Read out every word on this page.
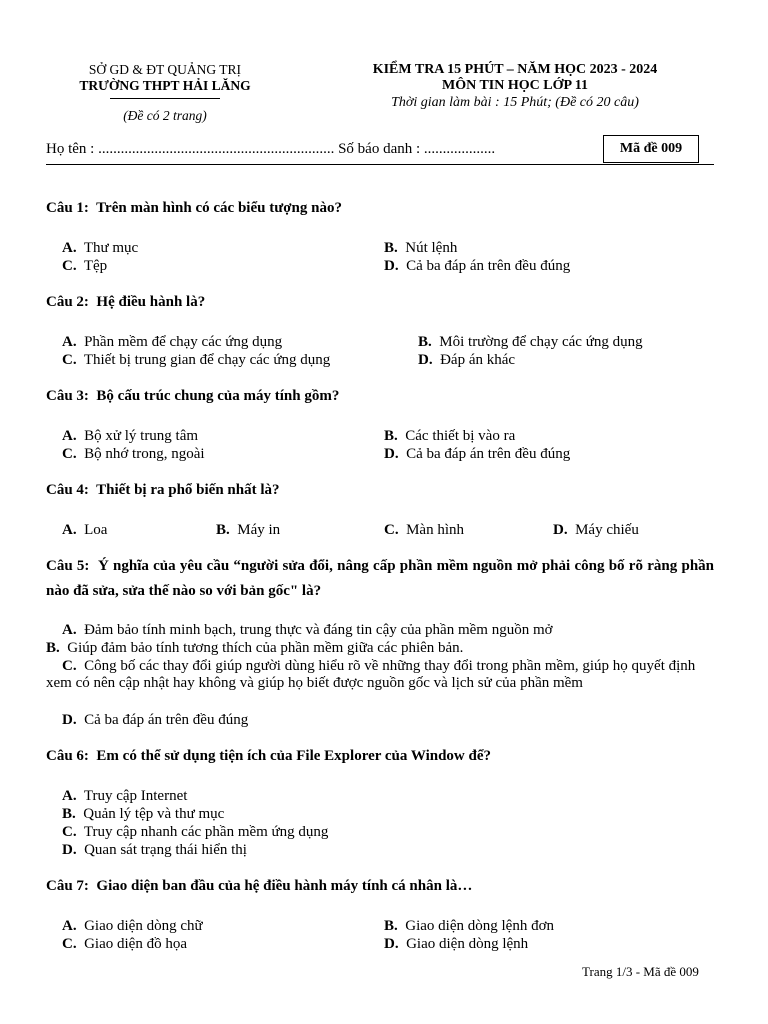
SỞ GD & ĐT QUẢNG TRỊ
TRƯỜNG THPT HẢI LĂNG
(Đề có 2 trang)
KIỂM TRA 15 PHÚT – NĂM HỌC 2023 - 2024
MÔN TIN HỌC LỚP 11
Thời gian làm bài : 15 Phút; (Đề có 20 câu)
Họ tên : ............................................................... Số báo danh : ...................	Mã đề 009
Câu 1: Trên màn hình có các biểu tượng nào?
A. Thư mục	B. Nút lệnh
C. Tệp	D. Cả ba đáp án trên đều đúng
Câu 2: Hệ điều hành là?
A. Phần mềm để chạy các ứng dụng	B. Môi trường để chạy các ứng dụng
C. Thiết bị trung gian để chạy các ứng dụng	D. Đáp án khác
Câu 3: Bộ cấu trúc chung của máy tính gồm?
A. Bộ xử lý trung tâm	B. Các thiết bị vào ra
C. Bộ nhớ trong, ngoài	D. Cả ba đáp án trên đều đúng
Câu 4: Thiết bị ra phổ biến nhất là?
A. Loa	B. Máy in	C. Màn hình	D. Máy chiếu
Câu 5: Ý nghĩa của yêu cầu “người sửa đổi, nâng cấp phần mềm nguồn mở phải công bố rõ ràng phần nào đã sửa, sửa thế nào so với bản gốc" là?
A. Đảm bảo tính minh bạch, trung thực và đáng tin cậy của phần mềm nguồn mở
B. Giúp đảm bảo tính tương thích của phần mềm giữa các phiên bản.
C. Công bố các thay đổi giúp người dùng hiểu rõ về những thay đổi trong phần mềm, giúp họ quyết định xem có nên cập nhật hay không và giúp họ biết được nguồn gốc và lịch sử của phần mềm
D. Cả ba đáp án trên đều đúng
Câu 6: Em có thể sử dụng tiện ích của File Explorer của Window để?
A. Truy cập Internet
B. Quản lý tệp và thư mục
C. Truy cập nhanh các phần mềm ứng dụng
D. Quan sát trạng thái hiển thị
Câu 7: Giao diện ban đầu của hệ điều hành máy tính cá nhân là…
A. Giao diện dòng chữ	B. Giao diện dòng lệnh đơn
C. Giao diện đồ họa	D. Giao diện dòng lệnh
Trang 1/3 - Mã đề 009
